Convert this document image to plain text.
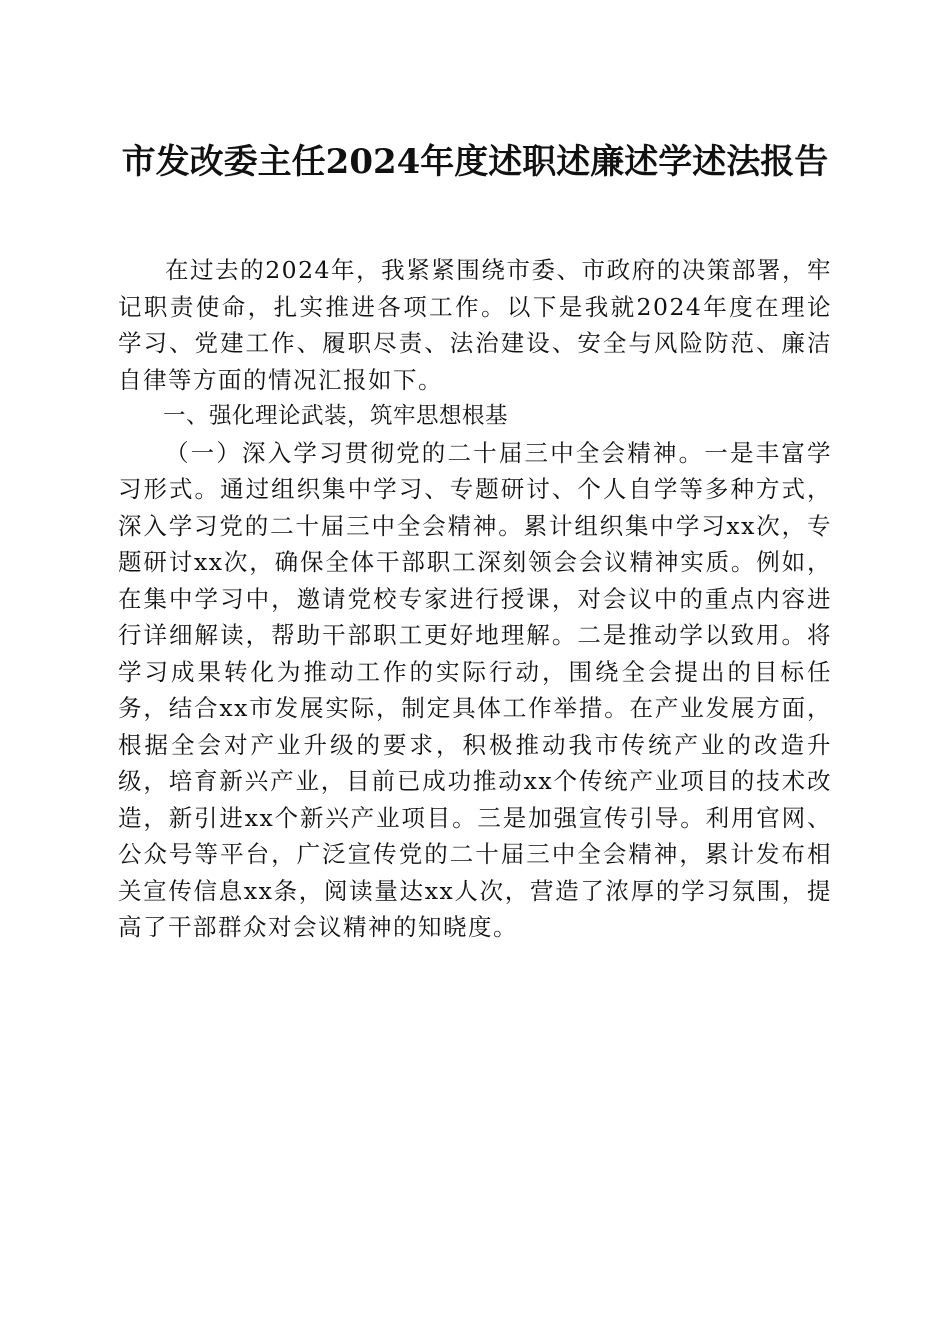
市发改委主任2024年度述职述廉述学述法报告

在过去的2024年，我紧紧围绕市委、市政府的决策部署，牢记职责使命，扎实推进各项工作。以下是我就2024年度在理论学习、党建工作、履职尽责、法治建设、安全与风险防范、廉洁自律等方面的情况汇报如下。

一、强化理论武装，筑牢思想根基

（一）深入学习贯彻党的二十届三中全会精神。一是丰富学习形式。通过组织集中学习、专题研讨、个人自学等多种方式，深入学习党的二十届三中全会精神。累计组织集中学习xx次，专题研讨xx次，确保全体干部职工深刻领会会议精神实质。例如，在集中学习中，邀请党校专家进行授课，对会议中的重点内容进行详细解读，帮助干部职工更好地理解。二是推动学以致用。将学习成果转化为推动工作的实际行动，围绕全会提出的目标任务，结合xx市发展实际，制定具体工作举措。在产业发展方面，根据全会对产业升级的要求，积极推动我市传统产业的改造升级，培育新兴产业，目前已成功推动xx个传统产业项目的技术改造，新引进xx个新兴产业项目。三是加强宣传引导。利用官网、公众号等平台，广泛宣传党的二十届三中全会精神，累计发布相关宣传信息xx条，阅读量达xx人次，营造了浓厚的学习氛围，提高了干部群众对会议精神的知晓度。
